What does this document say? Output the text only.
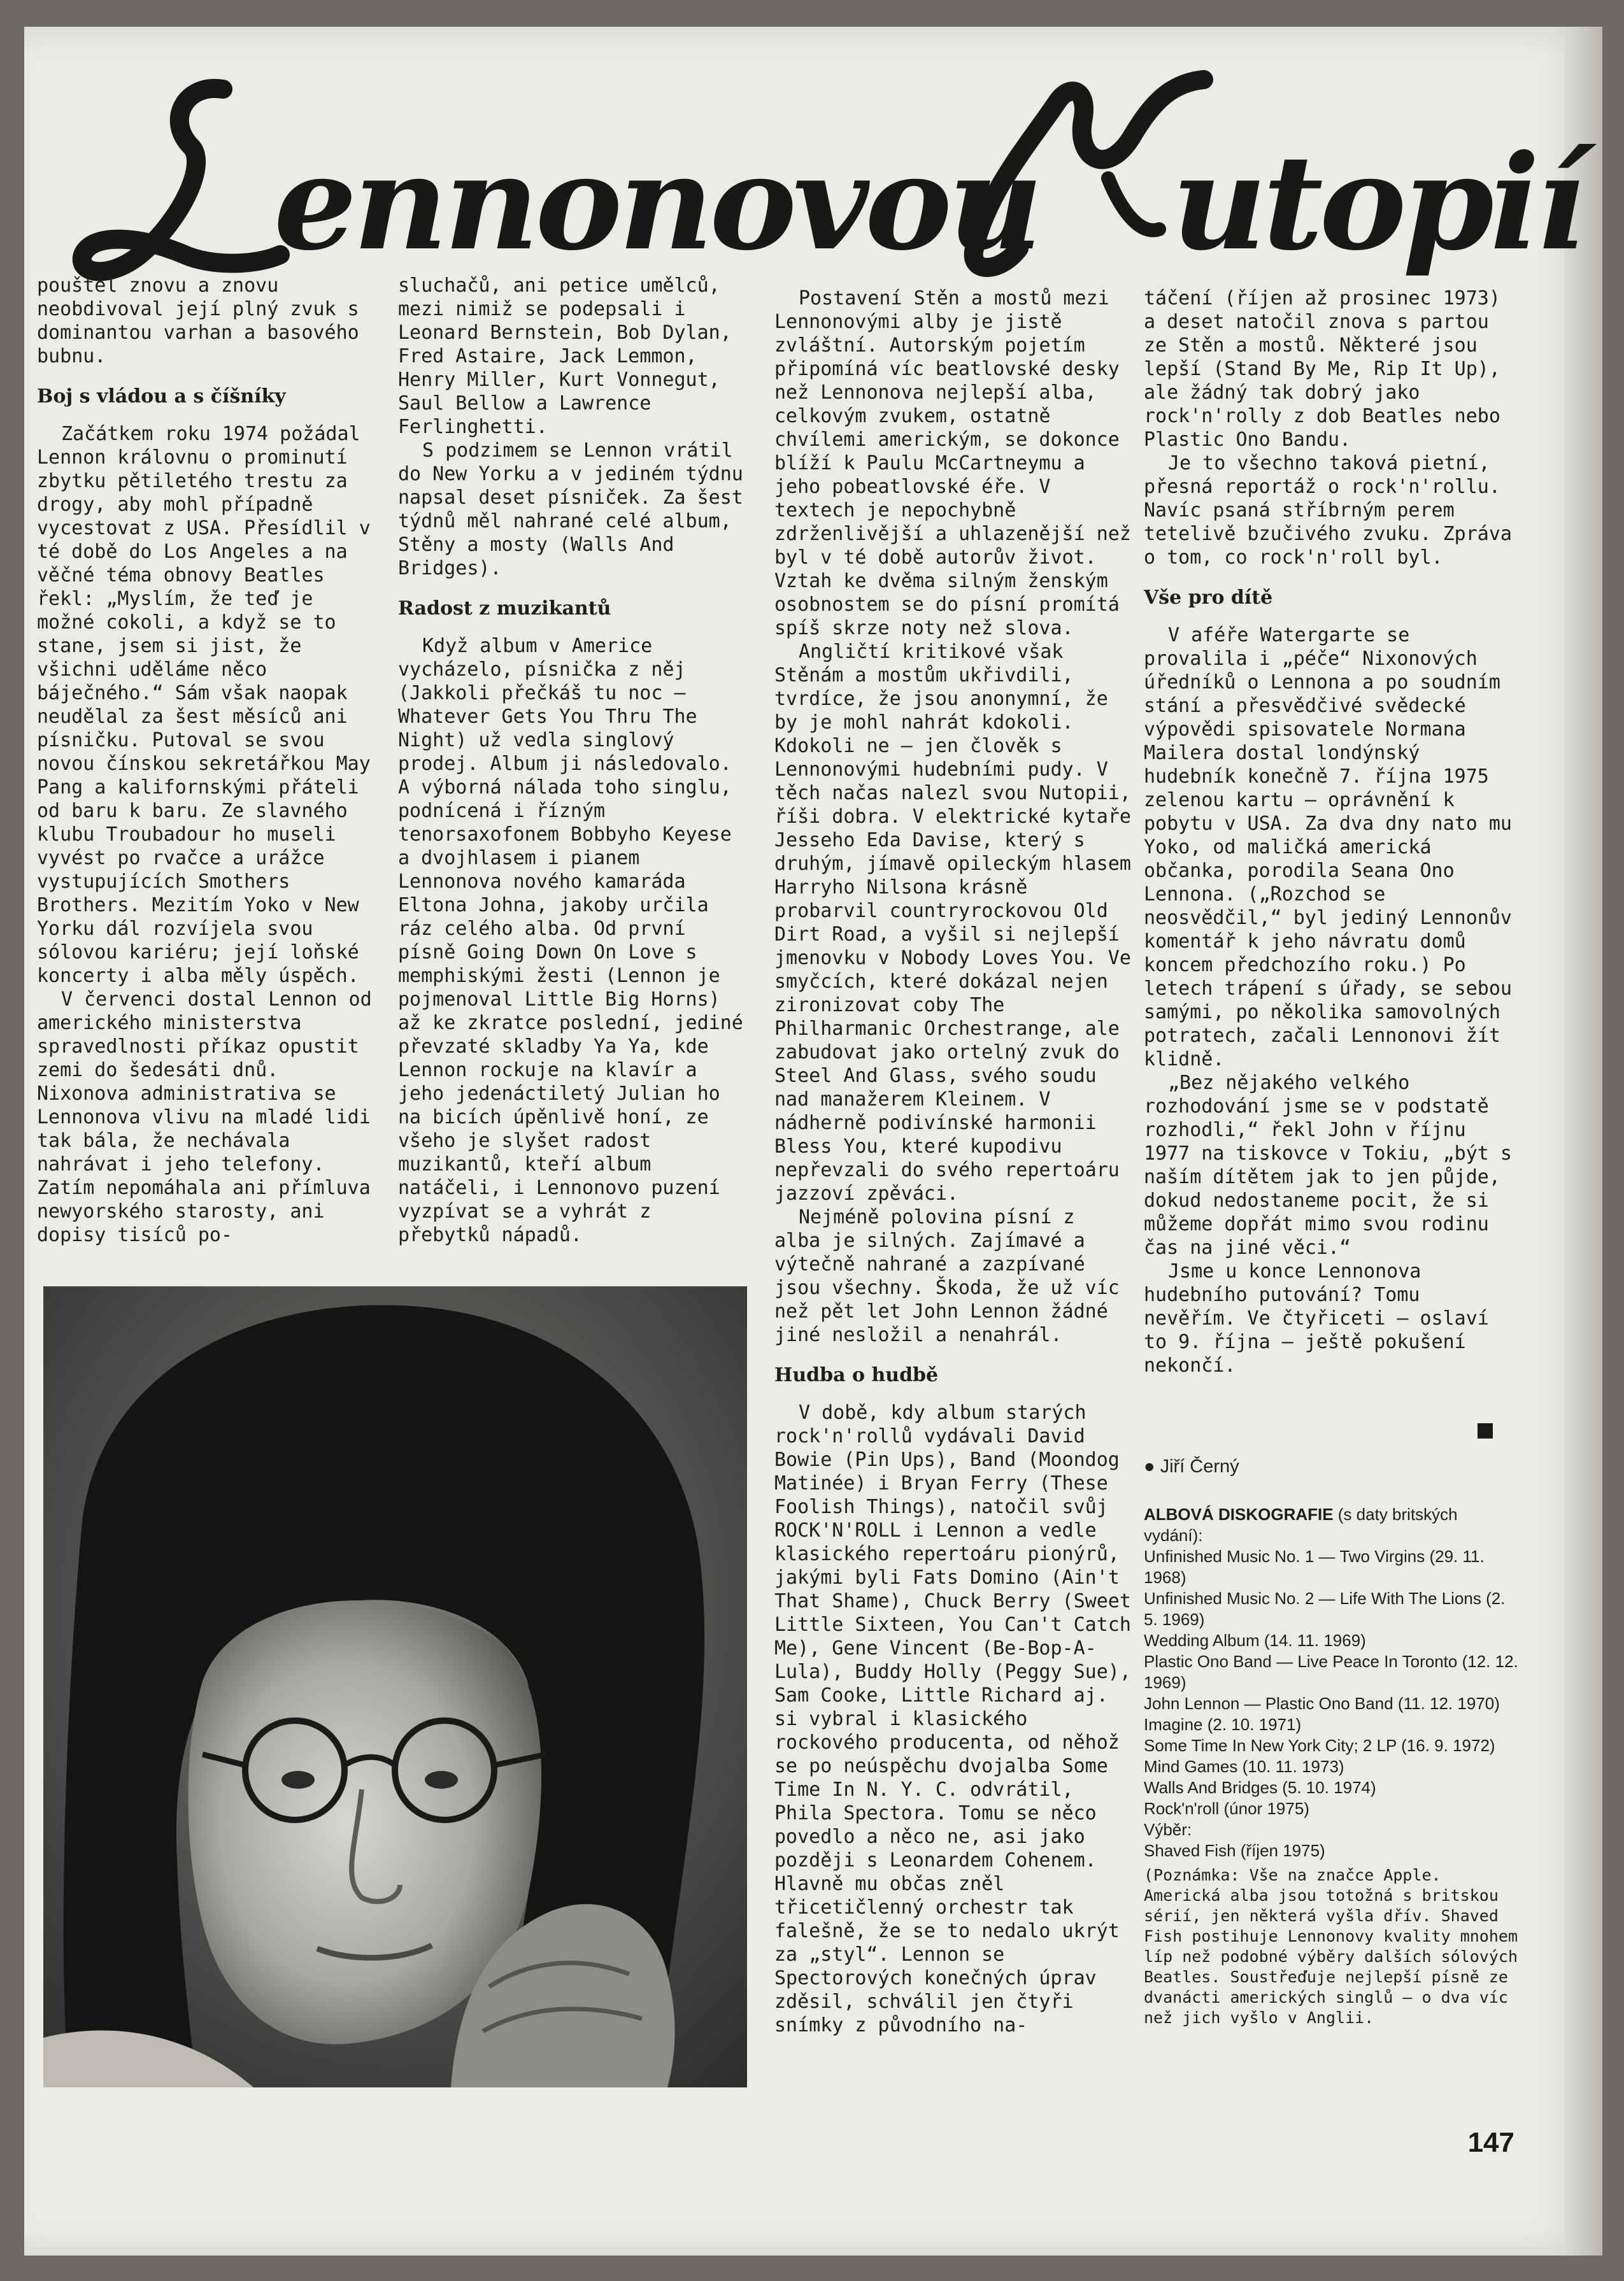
ennonovou utopií
Lennonovou Nutopií

pouštěl znovu a znovu neobdivoval její plný zvuk s dominantou varhan a basového bubnu.

Boj s vládou a s číšníky

Začátkem roku 1974 požádal Lennon královnu o prominutí zbytku pětiletého trestu za drogy, aby mohl případně vycestovat z USA. Přesídlil v té době do Los Angeles a na věčné téma obnovy Beatles řekl: „Myslím, že teď je možné cokoli, a když se to stane, jsem si jist, že všichni uděláme něco báječného.“ Sám však naopak neudělal za šest měsíců ani písničku. Putoval se svou novou čínskou sekretářkou May Pang a kalifornskými přáteli od baru k baru. Ze slavného klubu Troubadour ho museli vyvést po rvačce a urážce vystupujících Smothers Brothers. Mezitím Yoko v New Yorku dál rozvíjela svou sólovou kariéru; její loňské koncerty i alba měly úspěch.

V červenci dostal Lennon od amerického ministerstva spravedlnosti příkaz opustit zemi do šedesáti dnů. Nixonova administrativa se Lennonova vlivu na mladé lidi tak bála, že nechávala nahrávat i jeho telefony. Zatím nepomáhala ani přímluva newyorského starosty, ani dopisy tisíců po-

sluchačů, ani petice umělců, mezi nimiž se podepsali i Leonard Bernstein, Bob Dylan, Fred Astaire, Jack Lemmon, Henry Miller, Kurt Vonnegut, Saul Bellow a Lawrence Ferlinghetti.

S podzimem se Lennon vrátil do New Yorku a v jediném týdnu napsal deset písniček. Za šest týdnů měl nahrané celé album, Stěny a mosty (Walls And Bridges).

Radost z muzikantů

Když album v Americe vycházelo, písnička z něj (Jakkoli přečkáš tu noc — Whatever Gets You Thru The Night) už vedla singlový prodej. Album ji následovalo. A výborná nálada toho singlu, podnícená i řízným tenorsaxofonem Bobbyho Keyese a dvojhlasem i pianem Lennonova nového kamaráda Eltona Johna, jakoby určila ráz celého alba. Od první písně Going Down On Love s memphiskými žesti (Lennon je pojmenoval Little Big Horns) až ke zkratce poslední, jediné převzaté skladby Ya Ya, kde Lennon rockuje na klavír a jeho jedenáctiletý Julian ho na bicích úpěnlivě honí, ze všeho je slyšet radost muzikantů, kteří album natáčeli, i Lennonovo puzení vyzpívat se a vyhrát z přebytků nápadů.

Postavení Stěn a mostů mezi Lennonovými alby je jistě zvláštní. Autorským pojetím připomíná víc beatlovské desky než Lennonova nejlepší alba, celkovým zvukem, ostatně chvílemi americkým, se dokonce blíží k Paulu McCartneymu a jeho pobeatlovské éře. V textech je nepochybně zdrženlivější a uhlazenější než byl v té době autorův život. Vztah ke dvěma silným ženským osobnostem se do písní promítá spíš skrze noty než slova.

Angličtí kritikové však Stěnám a mostům ukřivdili, tvrdíce, že jsou anonymní, že by je mohl nahrát kdokoli. Kdokoli ne — jen člověk s Lennonovými hudebními pudy. V těch načas nalezl svou Nutopii, říši dobra. V elektrické kytaře Jesseho Eda Davise, který s druhým, jímavě opileckým hlasem Harryho Nilsona krásně probarvil countryrockovou Old Dirt Road, a vyšil si nejlepší jmenovku v Nobody Loves You. Ve smyčcích, které dokázal nejen zironizovat coby The Philharmanic Orchestrange, ale zabudovat jako ortelný zvuk do Steel And Glass, svého soudu nad manažerem Kleinem. V nádherně podivínské harmonii Bless You, které kupodivu nepřevzali do svého repertoáru jazzoví zpěváci.

Nejméně polovina písní z alba je silných. Zajímavé a výtečně nahrané a zazpívané jsou všechny. Škoda, že už víc než pět let John Lennon žádné jiné nesložil a nenahrál.

Hudba o hudbě

V době, kdy album starých rock'n'rollů vydávali David Bowie (Pin Ups), Band (Moondog Matinée) i Bryan Ferry (These Foolish Things), natočil svůj ROCK'N'ROLL i Lennon a vedle klasického repertoáru pionýrů, jakými byli Fats Domino (Ain't That Shame), Chuck Berry (Sweet Little Sixteen, You Can't Catch Me), Gene Vincent (Be-Bop-A-Lula), Buddy Holly (Peggy Sue), Sam Cooke, Little Richard aj. si vybral i klasického rockového producenta, od něhož se po neúspěchu dvojalba Some Time In N. Y. C. odvrátil, Phila Spectora. Tomu se něco povedlo a něco ne, asi jako později s Leonardem Cohenem. Hlavně mu občas zněl třicetičlenný orchestr tak falešně, že se to nedalo ukrýt za „styl“. Lennon se Spectorových konečných úprav zděsil, schválil jen čtyři snímky z původního na-

táčení (říjen až prosinec 1973) a deset natočil znova s partou ze Stěn a mostů. Některé jsou lepší (Stand By Me, Rip It Up), ale žádný tak dobrý jako rock'n'rolly z dob Beatles nebo Plastic Ono Bandu.

Je to všechno taková pietní, přesná reportáž o rock'n'rollu. Navíc psaná stříbrným perem tetelivě bzučivého zvuku. Zpráva o tom, co rock'n'roll byl.

Vše pro dítě

V aféře Watergarte se provalila i „péče“ Nixonových úředníků o Lennona a po soudním stání a přesvědčivé svědecké výpovědi spisovatele Normana Mailera dostal londýnský hudebník konečně 7. října 1975 zelenou kartu — oprávnění k pobytu v USA. Za dva dny nato mu Yoko, od maličká americká občanka, porodila Seana Ono Lennona. („Rozchod se neosvědčil,“ byl jediný Lennonův komentář k jeho návratu domů koncem předchozího roku.) Po letech trápení s úřady, se sebou samými, po několika samovolných potratech, začali Lennonovi žít klidně.

„Bez nějakého velkého rozhodování jsme se v podstatě rozhodli,“ řekl John v říjnu 1977 na tiskovce v Tokiu, „být s naším dítětem jak to jen půjde, dokud nedostaneme pocit, že si můžeme dopřát mimo svou rodinu čas na jiné věci.“

Jsme u konce Lennonova hudebního putování? Tomu nevěřím. Ve čtyřiceti — oslaví to 9. října — ještě pokušení nekončí.

● Jiří Černý
ALBOVÁ DISKOGRAFIE (s daty britských vydání):

Unfinished Music No. 1 — Two Virgins (29. 11. 1968)

Unfinished Music No. 2 — Life With The Lions (2. 5. 1969)

Wedding Album (14. 11. 1969)

Plastic Ono Band — Live Peace In Toronto (12. 12. 1969)

John Lennon — Plastic Ono Band (11. 12. 1970)

Imagine (2. 10. 1971)

Some Time In New York City; 2 LP (16. 9. 1972)

Mind Games (10. 11. 1973)

Walls And Bridges (5. 10. 1974)

Rock'n'roll (únor 1975)

Výběr:

Shaved Fish (říjen 1975)

(Poznámka: Vše na značce Apple. Americká alba jsou totožná s britskou sérií, jen některá vyšla dřív. Shaved Fish postihuje Lennonovy kvality mnohem líp než podobné výběry dalších sólových Beatles. Soustřeďuje nejlepší písně ze dvanácti amerických singlů — o dva víc než jich vyšlo v Anglii.

147
